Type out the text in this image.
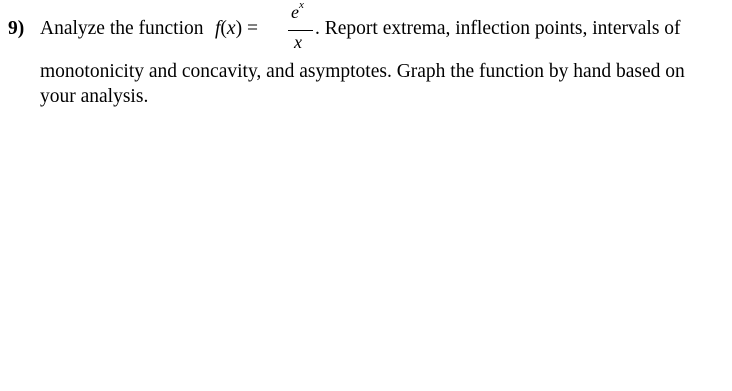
9) Analyze the function f(x) =
$e^x$
x
. Report extrema, inflection points, intervals of
monotonicity and concavity, and asymptotes. Graph the function by hand based on
your analysis.
